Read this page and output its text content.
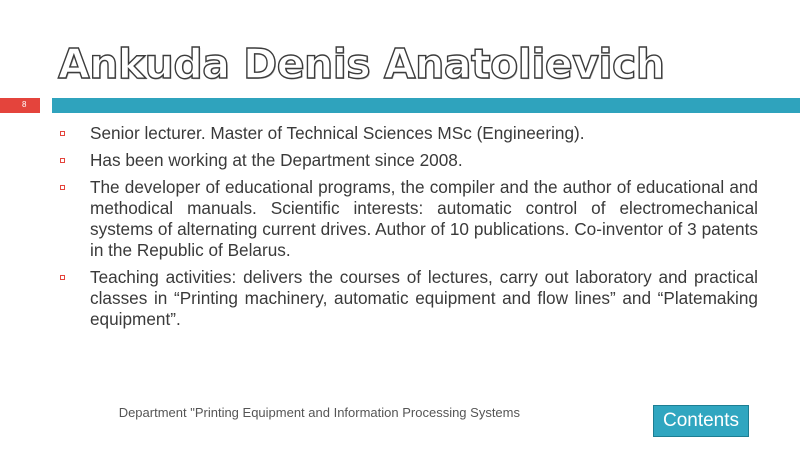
Ankuda Denis Anatolievich
8
Senior lecturer. Master of Technical Sciences MSc (Engineering).
Has been working at the Department since 2008.
The developer of educational programs, the compiler and the author of educational and methodical manuals. Scientific interests: automatic control of electromechanical systems of alternating current drives. Author of 10 publications. Co-inventor of 3 patents in the Republic of Belarus.
Teaching activities: delivers the courses of lectures, carry out laboratory and practical classes in “Printing machinery, automatic equipment and flow lines” and “Platemaking equipment”.
Department "Printing Equipment and Information Processing Systems	Contents
